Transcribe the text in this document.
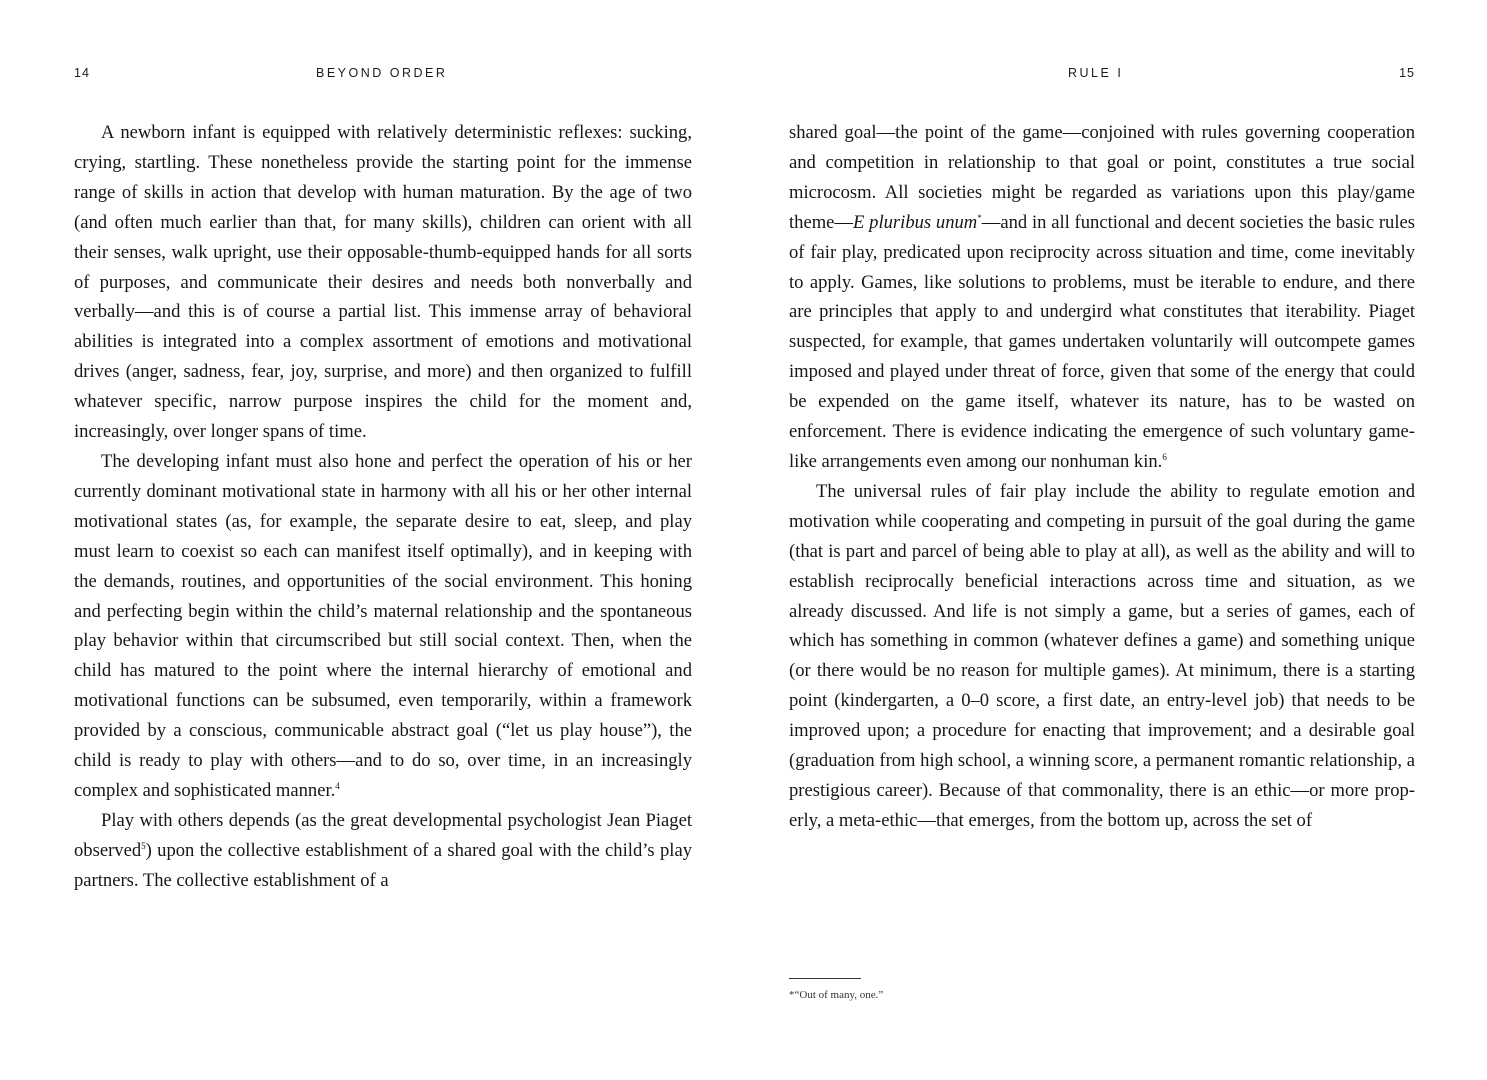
14	BEYOND ORDER

A newborn infant is equipped with relatively deterministic reflexes: sucking, crying, startling. These nonetheless provide the starting point for the immense range of skills in action that develop with human maturation. By the age of two (and often much earlier than that, for many skills), children can orient with all their senses, walk upright, use their opposable-thumb-equipped hands for all sorts of purposes, and communicate their desires and needs both nonverbally and verbally—and this is of course a partial list. This immense array of behavioral abilities is integrated into a complex assortment of emotions and motivational drives (anger, sadness, fear, joy, surprise, and more) and then organized to fulfill whatever specific, narrow purpose inspires the child for the moment and, increasingly, over longer spans of time.

The developing infant must also hone and perfect the operation of his or her currently dominant motivational state in harmony with all his or her other internal motivational states (as, for example, the separate desire to eat, sleep, and play must learn to coexist so each can manifest itself optimally), and in keeping with the demands, routines, and opportunities of the social environment. This honing and perfecting begin within the child’s maternal relationship and the spontaneous play behavior within that circumscribed but still social context. Then, when the child has matured to the point where the internal hierarchy of emotional and motivational functions can be subsumed, even temporarily, within a framework provided by a conscious, communicable abstract goal (“let us play house”), the child is ready to play with others—and to do so, over time, in an increasingly complex and sophisticated manner.$^4$

Play with others depends (as the great developmental psychologist Jean Piaget observed$^5$) upon the collective establishment of a shared goal with the child’s play partners. The collective establishment of a

RULE I	15

shared goal—the point of the game—conjoined with rules governing cooperation and competition in relationship to that goal or point, constitutes a true social microcosm. All societies might be regarded as variations upon this play/game theme—E pluribus unum*—and in all functional and decent societies the basic rules of fair play, predicated upon reciprocity across situation and time, come inevitably to apply. Games, like solutions to problems, must be iterable to endure, and there are principles that apply to and undergird what constitutes that iterability. Piaget suspected, for example, that games undertaken voluntarily will outcompete games imposed and played under threat of force, given that some of the energy that could be expended on the game itself, whatever its nature, has to be wasted on enforcement. There is evidence indicating the emergence of such voluntary game-like arrangements even among our nonhuman kin.$^6$

The universal rules of fair play include the ability to regulate emotion and motivation while cooperating and competing in pursuit of the goal during the game (that is part and parcel of being able to play at all), as well as the ability and will to establish reciprocally beneficial interactions across time and situation, as we already discussed. And life is not simply a game, but a series of games, each of which has something in common (whatever defines a game) and something unique (or there would be no reason for multiple games). At minimum, there is a starting point (kindergarten, a 0–0 score, a first date, an entry-level job) that needs to be improved upon; a procedure for enacting that improvement; and a desirable goal (graduation from high school, a winning score, a permanent romantic relationship, a prestigious career). Because of that commonality, there is an ethic—or more properly, a meta-ethic—that emerges, from the bottom up, across the set of

*“Out of many, one.”
